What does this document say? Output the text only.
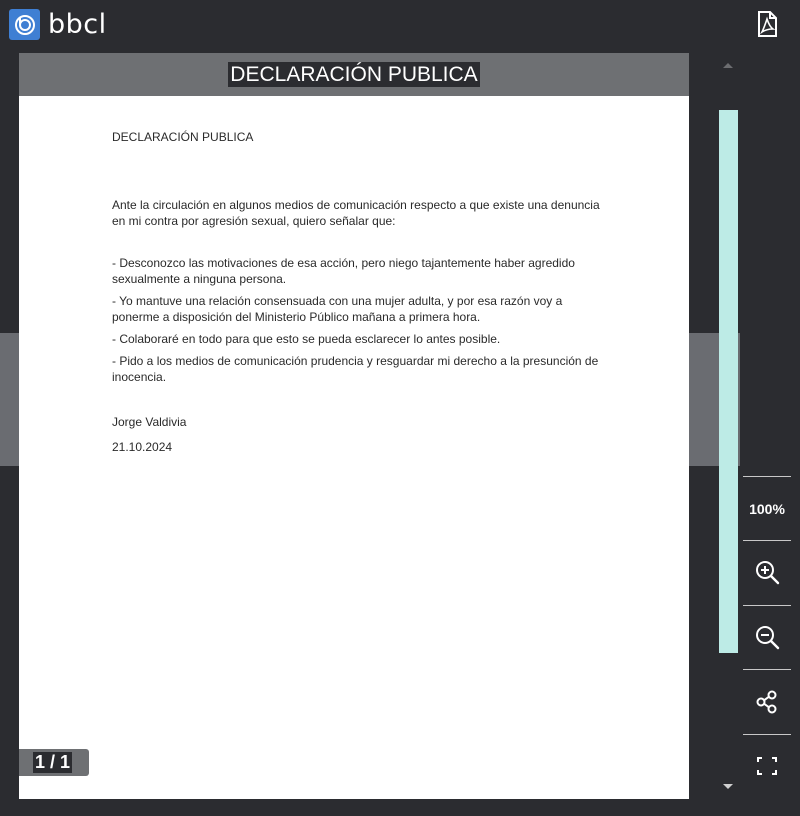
bbcl
DECLARACIÓN PUBLICA

DECLARACIÓN PUBLICA

Ante la circulación en algunos medios de comunicación respecto a que existe una denuncia en mi contra por agresión sexual, quiero señalar que:

- Desconozco las motivaciones de esa acción, pero niego tajantemente haber agredido sexualmente a ninguna persona.

- Yo mantuve una relación consensuada con una mujer adulta, y por esa razón voy a ponerme a disposición del Ministerio Público mañana a primera hora.

- Colaboraré en todo para que esto se pueda esclarecer lo antes posible.

- Pido a los medios de comunicación prudencia y resguardar mi derecho a la presunción de inocencia.

Jorge Valdivia

21.10.2024

1 / 1
100%
